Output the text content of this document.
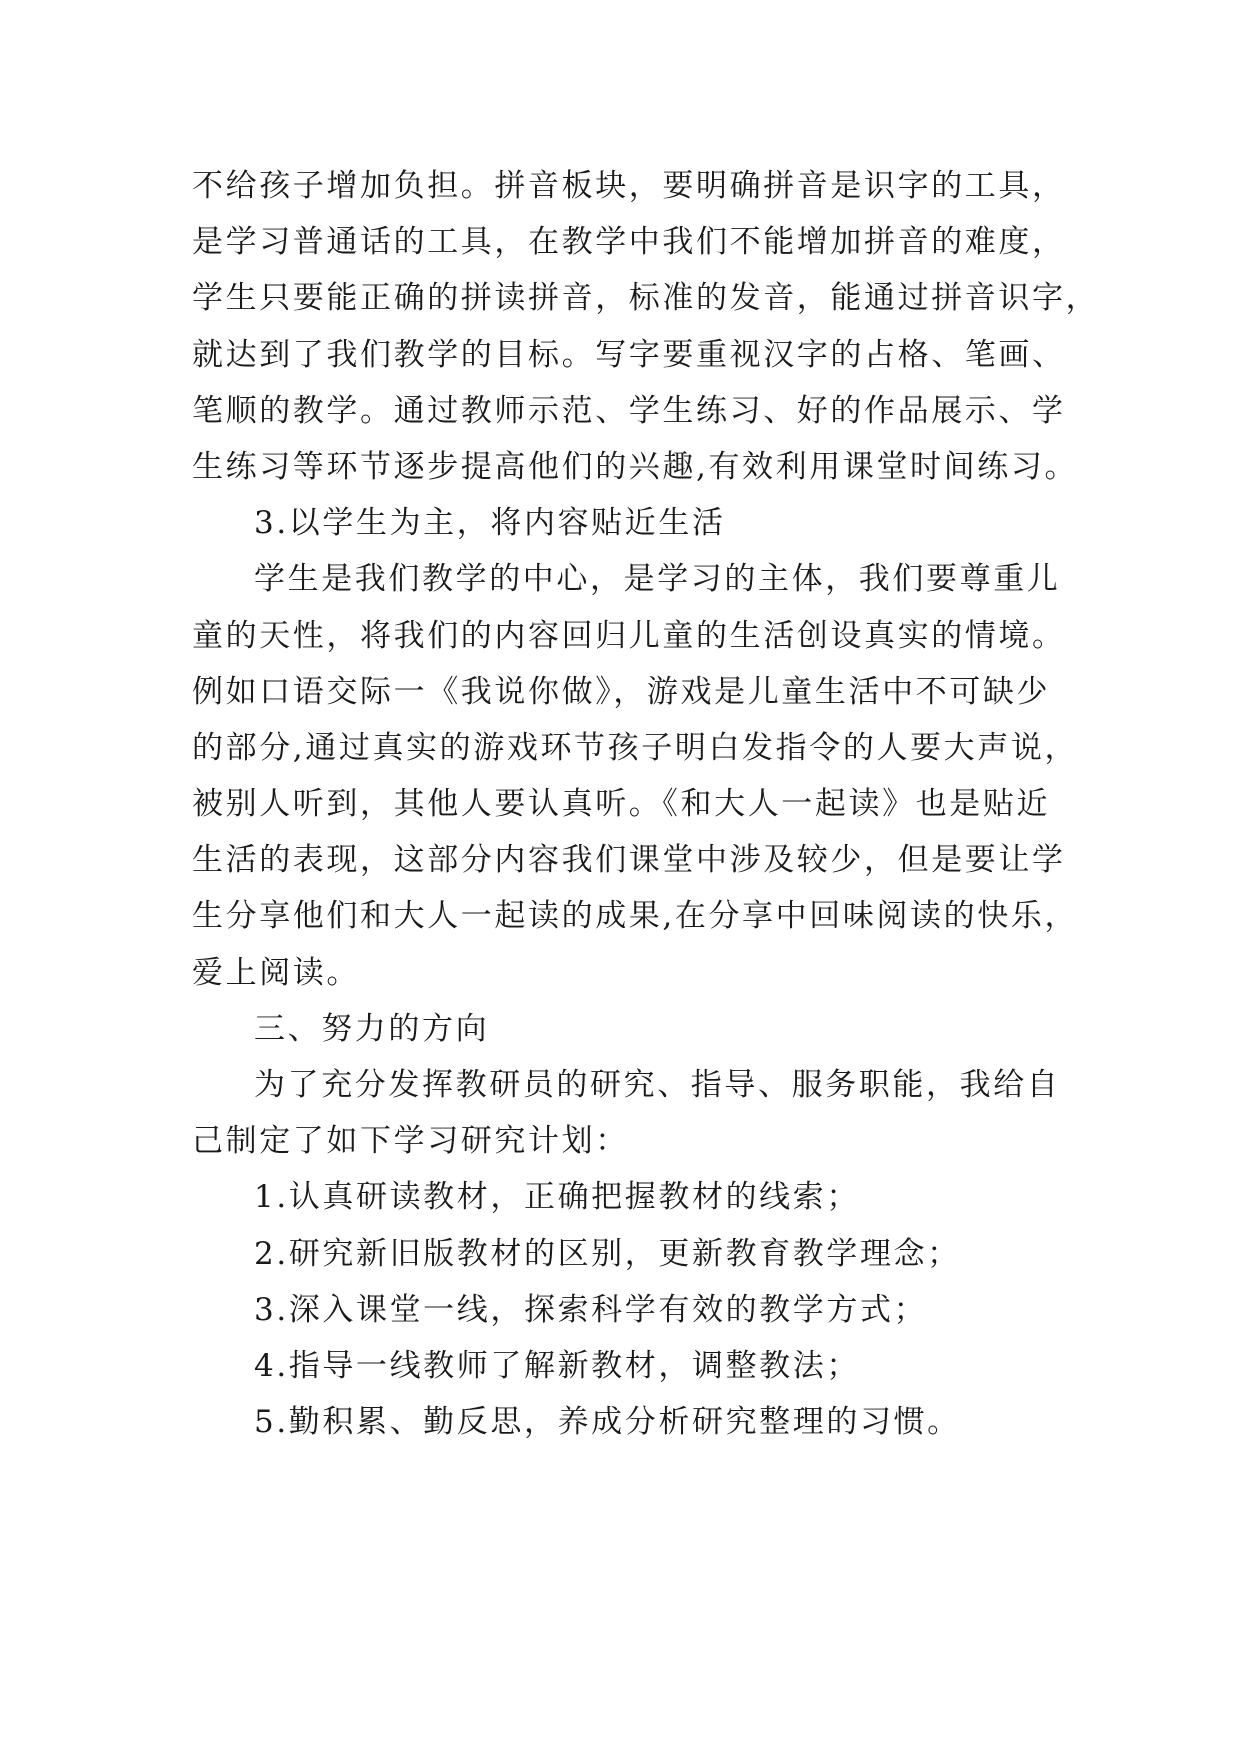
不给孩子增加负担。拼音板块，要明确拼音是识字的工具，
是学习普通话的工具，在教学中我们不能增加拼音的难度，
学生只要能正确的拼读拼音，标准的发音，能通过拼音识字，
就达到了我们教学的目标。写字要重视汉字的占格、笔画、
笔顺的教学。通过教师示范、学生练习、好的作品展示、学
生练习等环节逐步提高他们的兴趣,有效利用课堂时间练习。
3.以学生为主，将内容贴近生活
学生是我们教学的中心，是学习的主体，我们要尊重儿
童的天性，将我们的内容回归儿童的生活创设真实的情境。
例如口语交际一《我说你做》，游戏是儿童生活中不可缺少
的部分,通过真实的游戏环节孩子明白发指令的人要大声说，
被别人听到，其他人要认真听。《和大人一起读》也是贴近
生活的表现，这部分内容我们课堂中涉及较少，但是要让学
生分享他们和大人一起读的成果,在分享中回味阅读的快乐，
爱上阅读。
三、努力的方向
为了充分发挥教研员的研究、指导、服务职能，我给自
己制定了如下学习研究计划：
1.认真研读教材，正确把握教材的线索；
2.研究新旧版教材的区别，更新教育教学理念；
3.深入课堂一线，探索科学有效的教学方式；
4.指导一线教师了解新教材，调整教法；
5.勤积累、勤反思，养成分析研究整理的习惯。
